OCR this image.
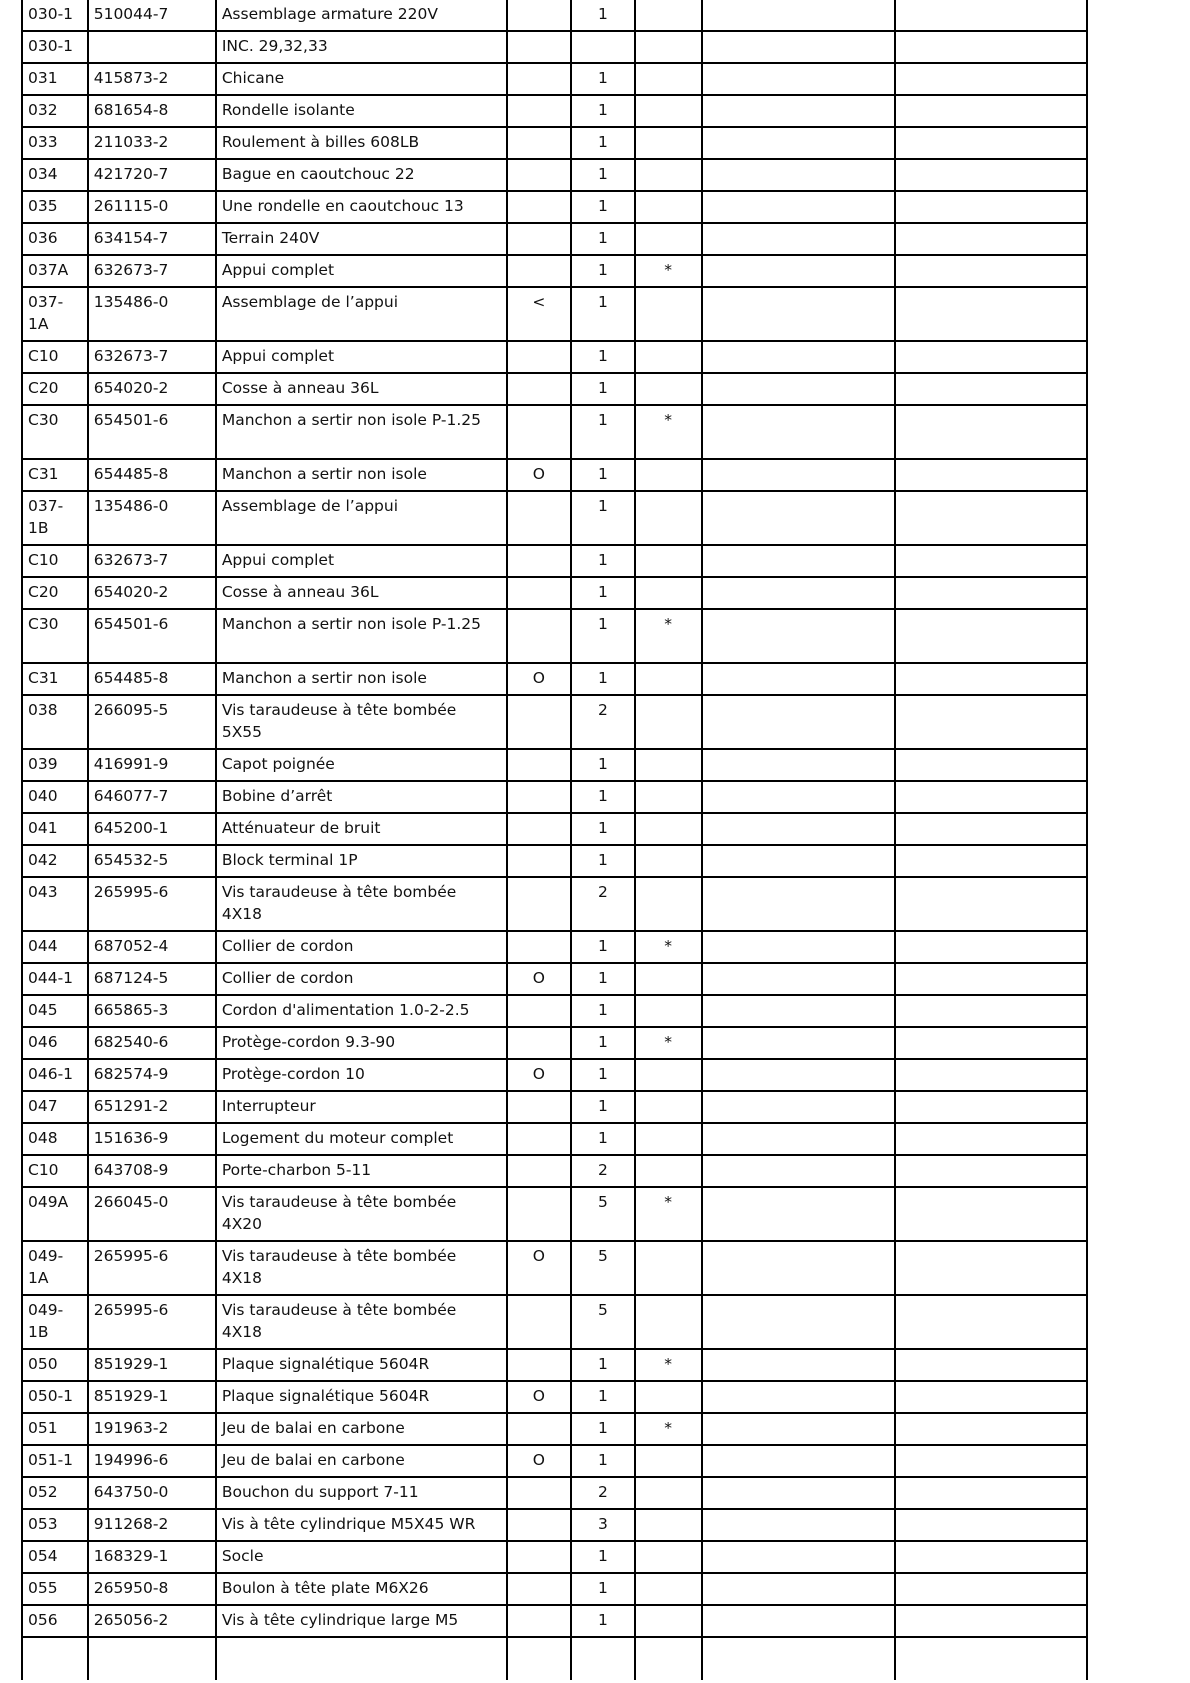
030-1	510044-7	Assemblage armature 220V		1			
030-1		INC. 29,32,33					
031	415873-2	Chicane		1			
032	681654-8	Rondelle isolante		1			
033	211033-2	Roulement à billes 608LB		1			
034	421720-7	Bague en caoutchouc 22		1			
035	261115-0	Une rondelle en caoutchouc 13		1			
036	634154-7	Terrain 240V		1			
037A	632673-7	Appui complet		1	*		
037-1A	135486-0	Assemblage de l’appui	<	1			
C10	632673-7	Appui complet		1			
C20	654020-2	Cosse à anneau 36L		1			
C30	654501-6	Manchon a sertir non isole P-1.25		1	*		
C31	654485-8	Manchon a sertir non isole	O	1			
037-1B	135486-0	Assemblage de l’appui		1			
C10	632673-7	Appui complet		1			
C20	654020-2	Cosse à anneau 36L		1			
C30	654501-6	Manchon a sertir non isole P-1.25		1	*		
C31	654485-8	Manchon a sertir non isole	O	1			
038	266095-5	Vis taraudeuse à tête bombée 5X55		2			
039	416991-9	Capot poignée		1			
040	646077-7	Bobine d’arrêt		1			
041	645200-1	Atténuateur de bruit		1			
042	654532-5	Block terminal 1P		1			
043	265995-6	Vis taraudeuse à tête bombée 4X18		2			
044	687052-4	Collier de cordon		1	*		
044-1	687124-5	Collier de cordon	O	1			
045	665865-3	Cordon d'alimentation 1.0-2-2.5		1			
046	682540-6	Protège-cordon 9.3-90		1	*		
046-1	682574-9	Protège-cordon 10	O	1			
047	651291-2	Interrupteur		1			
048	151636-9	Logement du moteur complet		1			
C10	643708-9	Porte-charbon 5-11		2			
049A	266045-0	Vis taraudeuse à tête bombée 4X20		5	*		
049-1A	265995-6	Vis taraudeuse à tête bombée 4X18	O	5			
049-1B	265995-6	Vis taraudeuse à tête bombée 4X18		5			
050	851929-1	Plaque signalétique 5604R		1	*		
050-1	851929-1	Plaque signalétique 5604R	O	1			
051	191963-2	Jeu de balai en carbone		1	*		
051-1	194996-6	Jeu de balai en carbone	O	1			
052	643750-0	Bouchon du support 7-11		2			
053	911268-2	Vis à tête cylindrique M5X45 WR		3			
054	168329-1	Socle		1			
055	265950-8	Boulon à tête plate M6X26		1			
056	265056-2	Vis à tête cylindrique large M5		1			
